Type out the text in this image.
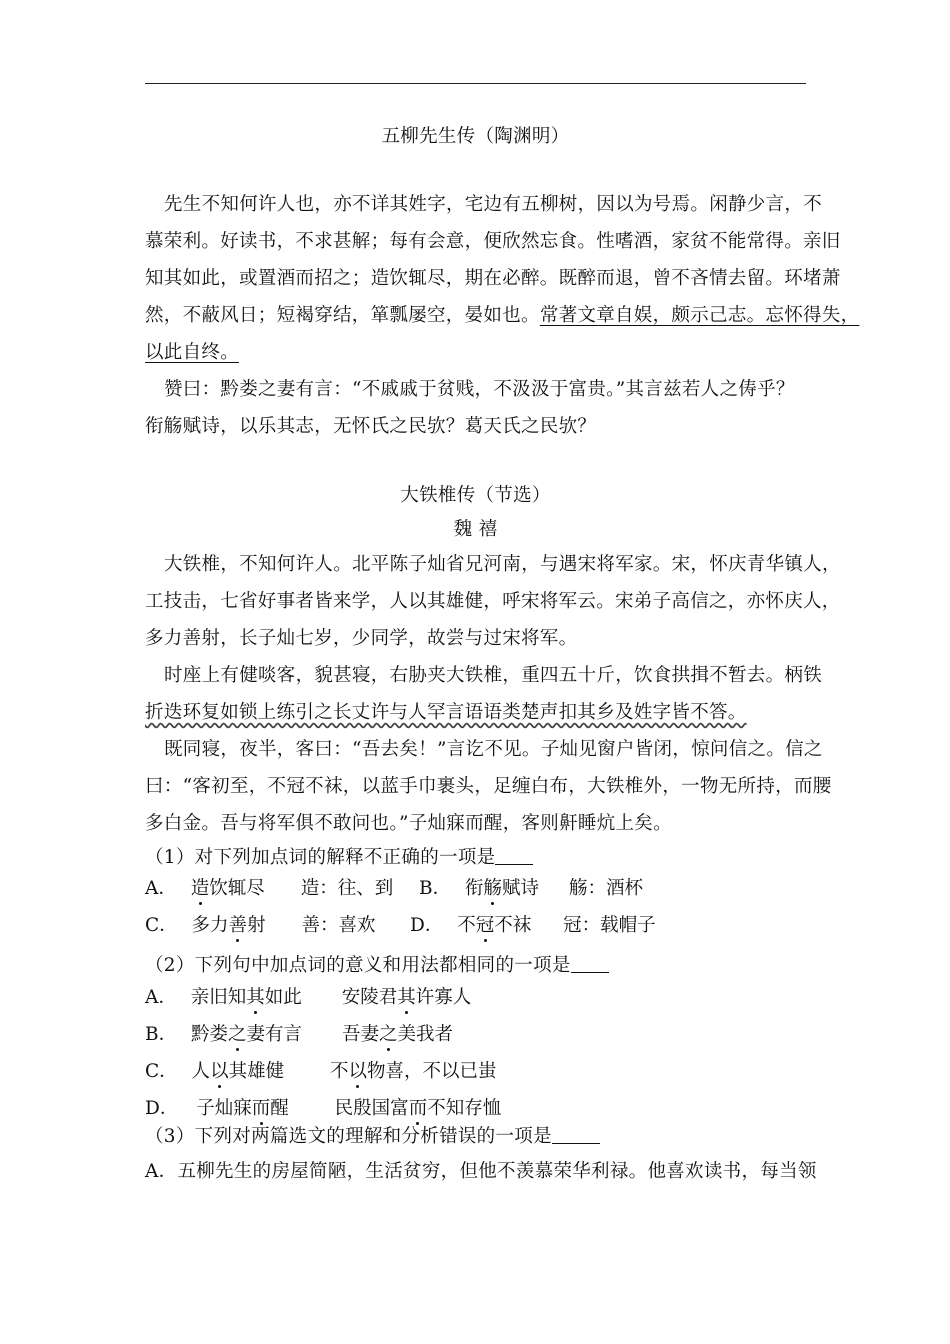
五柳先生传（陶渊明）
先生不知何许人也，亦不详其姓字，宅边有五柳树，因以为号焉。闲静少言，不
慕荣利。好读书，不求甚解；每有会意，便欣然忘食。性嗜酒，家贫不能常得。亲旧
知其如此，或置酒而招之；造饮辄尽，期在必醉。既醉而退，曾不吝情去留。环堵萧
然，不蔽风日；短褐穿结，箪瓢屡空，晏如也。常著文章自娱，颇示己志。忘怀得失，
以此自终。
赞曰：黔娄之妻有言：“不戚戚于贫贱，不汲汲于富贵。”其言兹若人之俦乎？
衔觞赋诗，以乐其志，无怀氏之民欤？葛天氏之民欤？
大铁椎传（节选）
魏 禧
大铁椎，不知何许人。北平陈子灿省兄河南，与遇宋将军家。宋，怀庆青华镇人，
工技击，七省好事者皆来学，人以其雄健，呼宋将军云。宋弟子高信之，亦怀庆人，
多力善射，长子灿七岁，少同学，故尝与过宋将军。
时座上有健啖客，貌甚寝，右胁夹大铁椎，重四五十斤，饮食拱揖不暂去。柄铁
折迭环复如锁上练引之长丈许与人罕言语语类楚声扣其乡及姓字皆不答。
既同寝，夜半，客曰：“吾去矣！”言讫不见。子灿见窗户皆闭，惊问信之。信之
曰：“客初至，不冠不袜，以蓝手巾裹头，足缠白布，大铁椎外，一物无所持，而腰
多白金。吾与将军俱不敢问也。”子灿寐而醒，客则鼾睡炕上矣。
（1）对下列加点词的解释不正确的一项是
A． 造饮辄尽 造：往、到 B． 衔觞赋诗 觞：酒杯
C． 多力善射 善：喜欢 D． 不冠不袜 冠：载帽子
（2）下列句中加点词的意义和用法都相同的一项是
A． 亲旧知其如此 安陵君其许寡人
B． 黔娄之妻有言 吾妻之美我者
C． 人以其雄健 不以物喜，不以已蚩
D． 子灿寐而醒 民殷国富而不知存恤
（3）下列对两篇选文的理解和分析错误的一项是
A．五柳先生的房屋简陋，生活贫穷，但他不羡慕荣华利禄。他喜欢读书，每当领
